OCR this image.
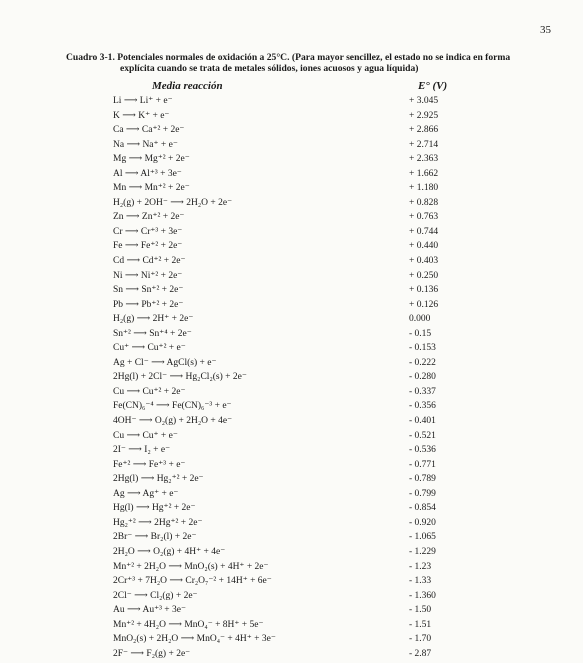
35
Cuadro 3-1. Potenciales normales de oxidación a 25°C. (Para mayor sencillez, el estado no se indica en forma
explícita cuando se trata de metales sólidos, iones acuosos y agua líquida)
Media reacción	E° (V)
Li ⟶ Li⁺ + e⁻	+ 3.045
K ⟶ K⁺ + e⁻	+ 2.925
Ca ⟶ Ca⁺² + 2e⁻	+ 2.866
Na ⟶ Na⁺ + e⁻	+ 2.714
Mg ⟶ Mg⁺² + 2e⁻	+ 2.363
Al ⟶ Al⁺³ + 3e⁻	+ 1.662
Mn ⟶ Mn⁺² + 2e⁻	+ 1.180
H₂(g) + 2OH⁻ ⟶ 2H₂O + 2e⁻	+ 0.828
Zn ⟶ Zn⁺² + 2e⁻	+ 0.763
Cr ⟶ Cr⁺³ + 3e⁻	+ 0.744
Fe ⟶ Fe⁺² + 2e⁻	+ 0.440
Cd ⟶ Cd⁺² + 2e⁻	+ 0.403
Ni ⟶ Ni⁺² + 2e⁻	+ 0.250
Sn ⟶ Sn⁺² + 2e⁻	+ 0.136
Pb ⟶ Pb⁺² + 2e⁻	+ 0.126
H₂(g) ⟶ 2H⁺ + 2e⁻	0.000
Sn⁺² ⟶ Sn⁺⁴ + 2e⁻	- 0.15
Cu⁺ ⟶ Cu⁺² + e⁻	- 0.153
Ag + Cl⁻ ⟶ AgCl(s) + e⁻	- 0.222
2Hg(l) + 2Cl⁻ ⟶ Hg₂Cl₂(s) + 2e⁻	- 0.280
Cu ⟶ Cu⁺² + 2e⁻	- 0.337
Fe(CN)₆⁻⁴ ⟶ Fe(CN)₆⁻³ + e⁻	- 0.356
4OH⁻ ⟶ O₂(g) + 2H₂O + 4e⁻	- 0.401
Cu ⟶ Cu⁺ + e⁻	- 0.521
2I⁻ ⟶ I₂ + e⁻	- 0.536
Fe⁺² ⟶ Fe⁺³ + e⁻	- 0.771
2Hg(l) ⟶ Hg₂⁺² + 2e⁻	- 0.789
Ag ⟶ Ag⁺ + e⁻	- 0.799
Hg(l) ⟶ Hg⁺² + 2e⁻	- 0.854
Hg₂⁺² ⟶ 2Hg⁺² + 2e⁻	- 0.920
2Br⁻ ⟶ Br₂(l) + 2e⁻	- 1.065
2H₂O ⟶ O₂(g) + 4H⁺ + 4e⁻	- 1.229
Mn⁺² + 2H₂O ⟶ MnO₂(s) + 4H⁺ + 2e⁻	- 1.23
2Cr⁺³ + 7H₂O ⟶ Cr₂O₇⁻² + 14H⁺ + 6e⁻	- 1.33
2Cl⁻ ⟶ Cl₂(g) + 2e⁻	- 1.360
Au ⟶ Au⁺³ + 3e⁻	- 1.50
Mn⁺² + 4H₂O ⟶ MnO₄⁻ + 8H⁺ + 5e⁻	- 1.51
MnO₂(s) + 2H₂O ⟶ MnO₄⁻ + 4H⁺ + 3e⁻	- 1.70
2F⁻ ⟶ F₂(g) + 2e⁻	- 2.87
